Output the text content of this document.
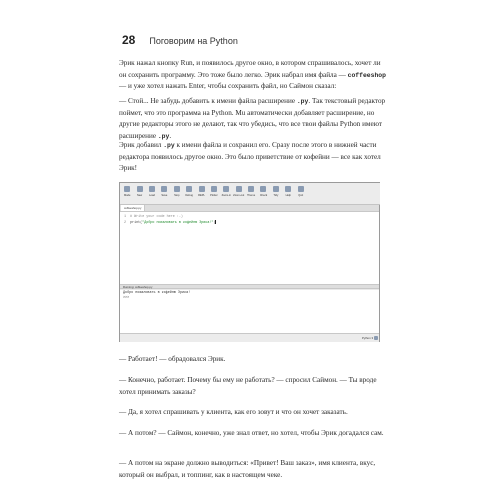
28 Поговорим на Python

Эрик нажал кнопку Run, и появилось другое окно, в котором спрашивалось, хочет ли он сохранить программу. Это тоже было легко. Эрик набрал имя файла — coffeeshop — и уже хотел нажать Enter, чтобы сохранить файл, но Саймон сказал:

— Стой... Не забудь добавить к имени файла расширение .py. Так текстовый редактор поймет, что это программа на Python. Mu автоматически добавляет расширение, но другие редакторы этого не делают, так что убедись, что все твои файлы Python имеют расширение .py.

Эрик добавил .py к имени файла и сохранил его. Сразу после этого в нижней части редактора появилось другое окно. Это было приветствие от кофейни — все как хотел Эрик!

Mode	New	Load	Save	Stop Debug REPL Plotter Zoom-in Zoom-out Theme Check Tidy	Help	Quit
coffeeshop.py
1 # Write your code here :-)
2 print("Добро пожаловать в кофейню Эрика!")
Running: coffeeshop.py
Добро пожаловать в кофейню Эрика!
>>>
Python 3

— Работает! — обрадовался Эрик.

— Конечно, работает. Почему бы ему не работать? — спросил Саймон. — Ты вроде хотел принимать заказы?

— Да, я хотел спрашивать у клиента, как его зовут и что он хочет заказать.

— А потом? — Саймон, конечно, уже знал ответ, но хотел, чтобы Эрик догадался сам.

— А потом на экране должно выводиться: «Привет! Ваш заказ», имя клиента, вкус, который он выбрал, и топпинг, как в настоящем чеке.
